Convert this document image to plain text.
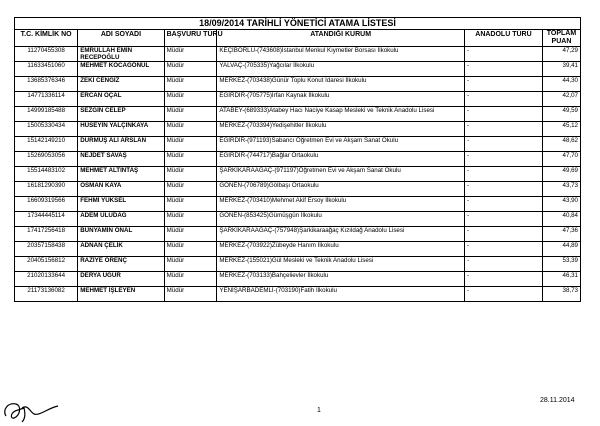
18/09/2014 TARİHLİ YÖNETİCİ ATAMA LİSTESİ					
T.C. KİMLİK NO	ADI SOYADI	BAŞVURU TÜRÜ	ATANDIĞI KURUM	ANADOLU TÜRÜ	TOPLAM PUAN
11270455308	EMRULLAH EMİN RECEPOĞLU	Müdür	KEÇİBORLU-(743608)İstanbul Menkul Kıymetler Borsası İlkokulu	-	47,29
11633451060	MEHMET KOCAGÖNÜL	Müdür	YALVAÇ-(705335)Yağcılar İlkokulu	-	39,41
13685376346	ZEKİ CENGİZ	Müdür	MERKEZ-(703438)Günür Toplu Konut İdaresi İlkokulu	-	44,30
14771336114	ERCAN OÇAL	Müdür	EĞİRDİR-(705775)İrfan Kaynak İlkokulu	-	42,07
14999185488	SEZGİN CELEP	Müdür	ATABEY-(689333)Atabey Hacı Naciye Kasap Mesleki ve Teknik Anadolu Lisesi	-	49,59
15005330434	HÜSEYİN YALÇINKAYA	Müdür	MERKEZ-(703394)Yedişehitler İlkokulu	-	45,12
15142149210	DURMUŞ ALİ ARSLAN	Müdür	EĞİRDİR-(971193)Sabancı Öğretmen Evi ve Akşam Sanat Okulu	-	48,62
15269053056	NEJDET SAVAŞ	Müdür	EĞİRDİR-(744717)Bağlar Ortaokulu	-	47,70
15514483102	MEHMET ALTINTAŞ	Müdür	ŞARKİKARAAĞAÇ-(971197)Öğretmen Evi ve Akşam Sanat Okulu	-	49,69
16181290390	OSMAN KAYA	Müdür	GÖNEN-(706789)Gölbaşı Ortaokulu	-	43,73
16609319566	FEHMİ YÜKSEL	Müdür	MERKEZ-(703410)Mehmet Akif Ersoy İlkokulu	-	43,90
17344445114	ADEM ULUDAĞ	Müdür	GÖNEN-(853425)Gümüşgün İlkokulu	-	40,84
17417256418	BÜNYAMİN ÖNAL	Müdür	ŞARKİKARAAĞAÇ-(757948)Şarkikaraağaç Kızıldağ Anadolu Lisesi	-	47,36
20357158438	ADNAN ÇELİK	Müdür	MERKEZ-(703922)Zübeyde Hanım İlkokulu	-	44,89
20405156812	RAZİYE ÖRENÇ	Müdür	MERKEZ-(155021)Gül Mesleki ve Teknik Anadolu Lisesi	-	53,39
21020133644	DERYA UĞUR	Müdür	MERKEZ-(703133)Bahçelievler İlkokulu	-	46,31
21173136082	MEHMET İŞLEYEN	Müdür	YENİŞARBADEMLİ-(703190)Fatih İlkokulu	-	38,73
28.11.2014
1
